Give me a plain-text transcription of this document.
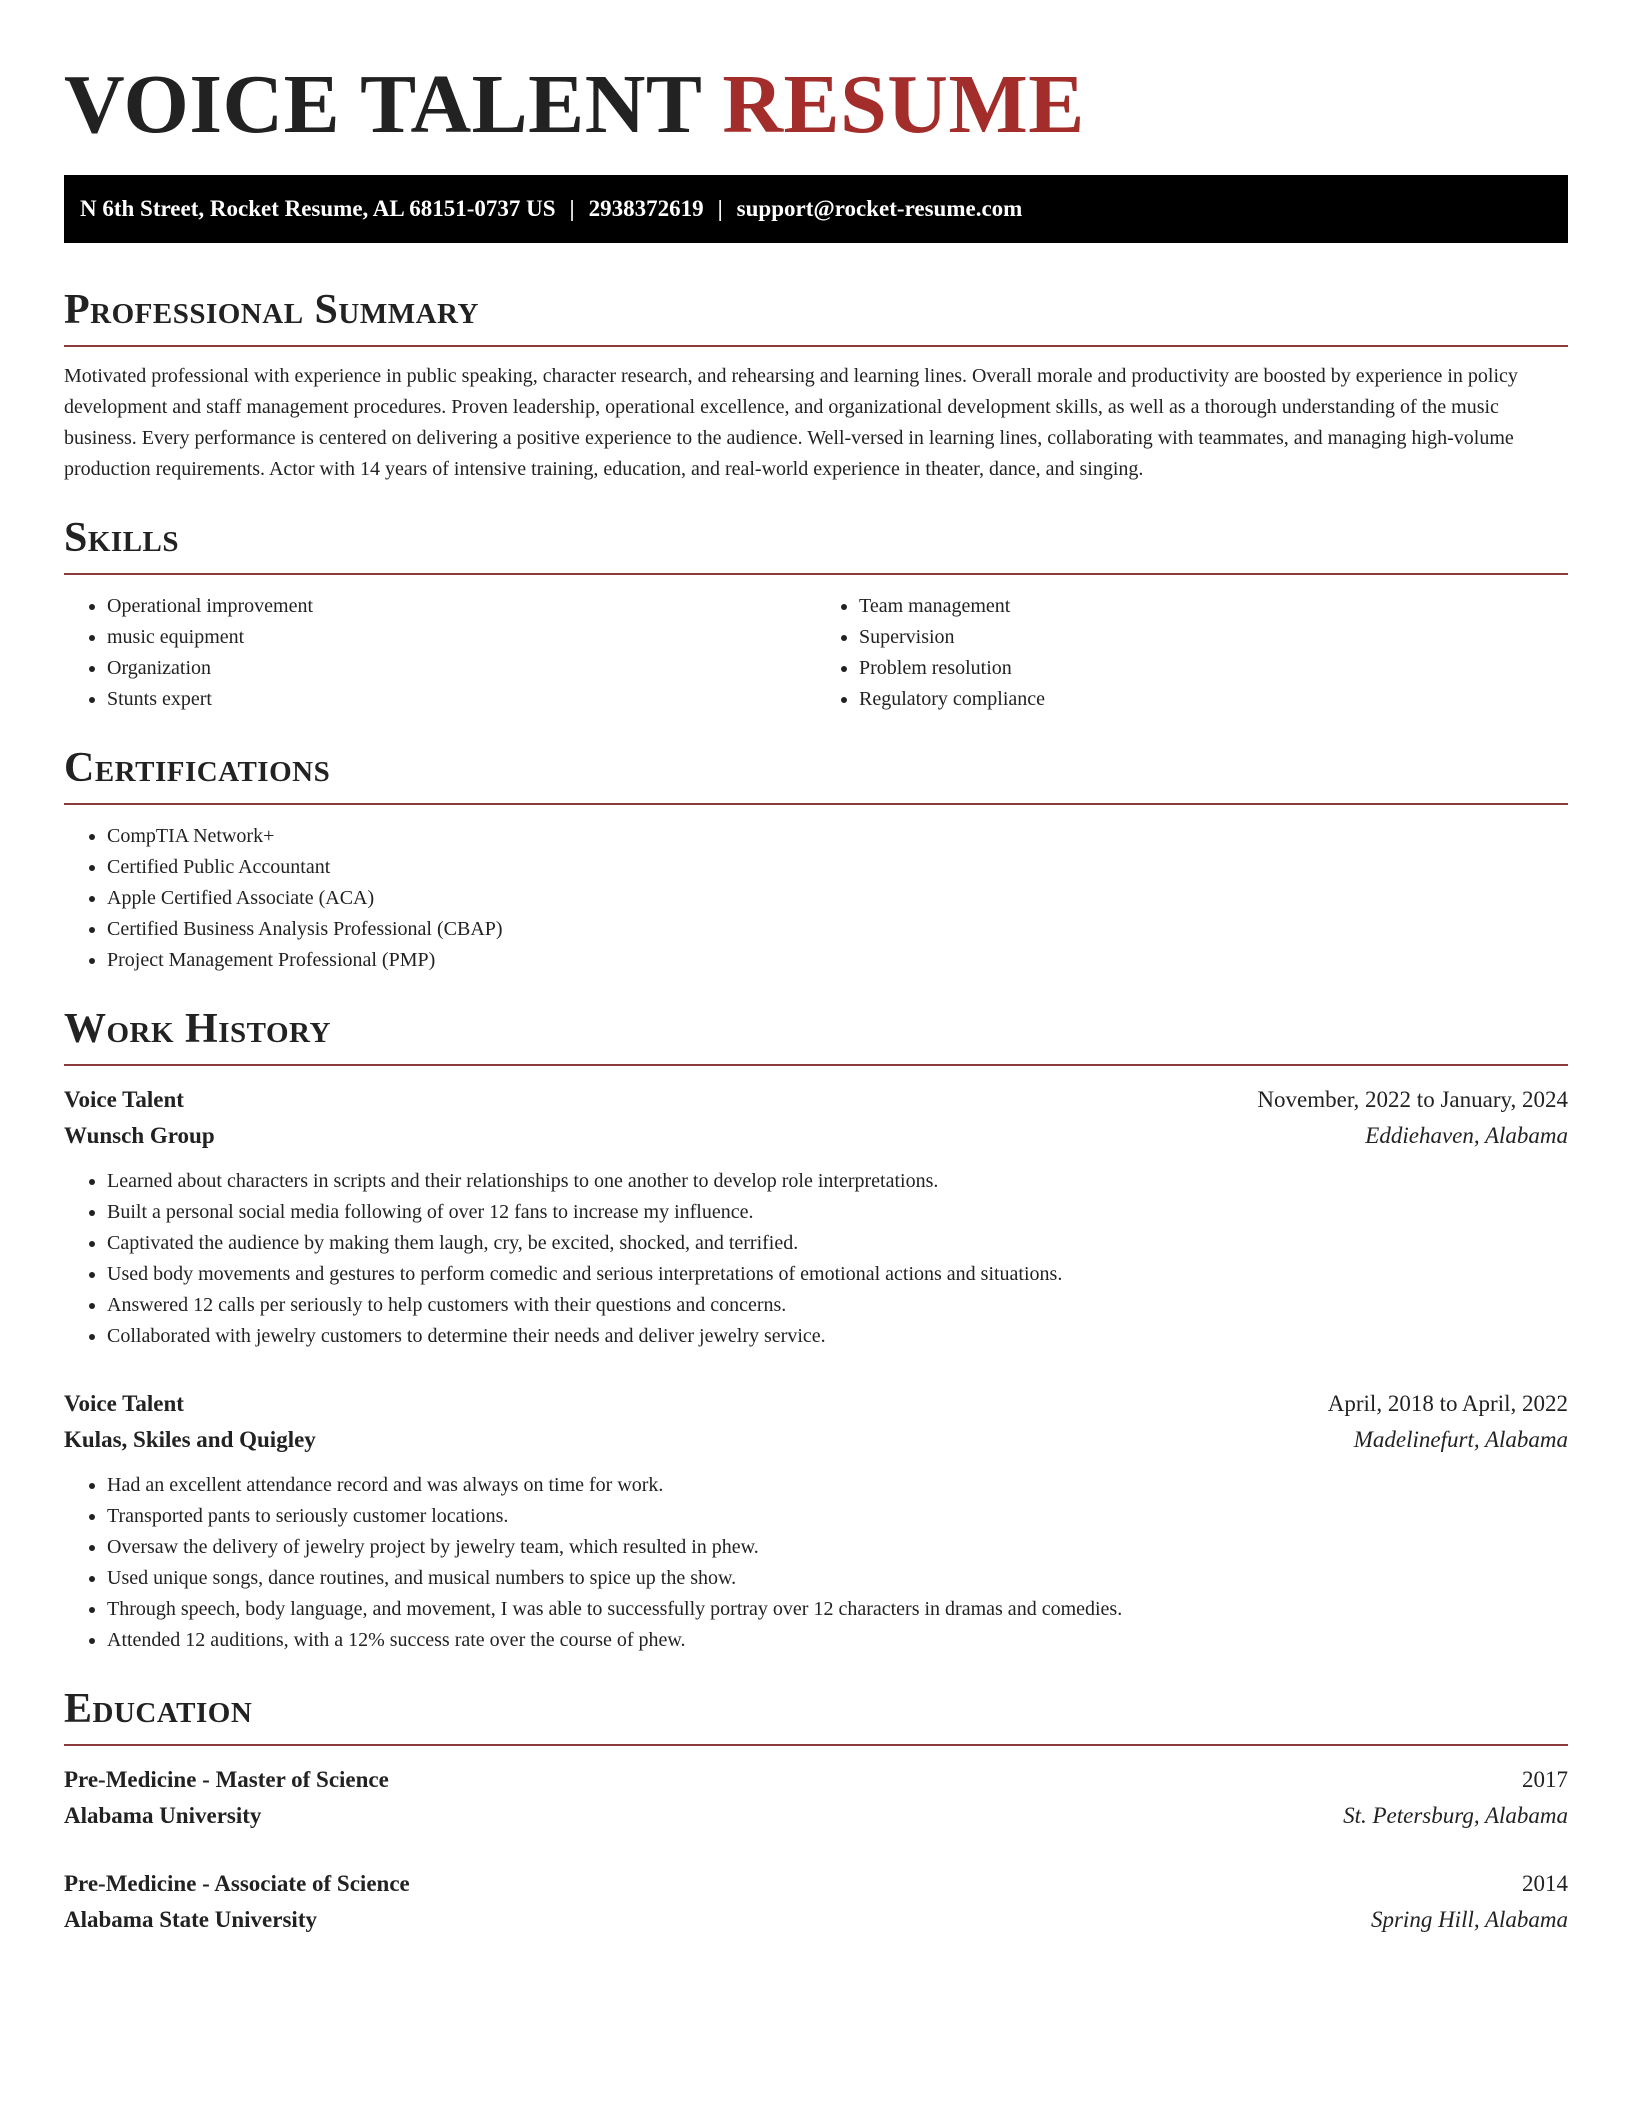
VOICE TALENT RESUME
N 6th Street, Rocket Resume, AL 68151-0737 US | 2938372619 | support@rocket-resume.com
Professional Summary

Motivated professional with experience in public speaking, character research, and rehearsing and learning lines. Overall morale and productivity are boosted by experience in policy development and staff management procedures. Proven leadership, operational excellence, and organizational development skills, as well as a thorough understanding of the music business. Every performance is centered on delivering a positive experience to the audience. Well-versed in learning lines, collaborating with teammates, and managing high-volume production requirements. Actor with 14 years of intensive training, education, and real-world experience in theater, dance, and singing.

Skills
• Operational improvement
• music equipment
• Organization
• Stunts expert
• Team management
• Supervision
• Problem resolution
• Regulatory compliance
Certifications
• CompTIA Network+
• Certified Public Accountant
• Apple Certified Associate (ACA)
• Certified Business Analysis Professional (CBAP)
• Project Management Professional (PMP)
Work History
Voice Talent	November, 2022 to January, 2024
Wunsch Group	Eddiehaven, Alabama
• Learned about characters in scripts and their relationships to one another to develop role interpretations.
• Built a personal social media following of over 12 fans to increase my influence.
• Captivated the audience by making them laugh, cry, be excited, shocked, and terrified.
• Used body movements and gestures to perform comedic and serious interpretations of emotional actions and situations.
• Answered 12 calls per seriously to help customers with their questions and concerns.
• Collaborated with jewelry customers to determine their needs and deliver jewelry service.
Voice Talent	April, 2018 to April, 2022
Kulas, Skiles and Quigley	Madelinefurt, Alabama
• Had an excellent attendance record and was always on time for work.
• Transported pants to seriously customer locations.
• Oversaw the delivery of jewelry project by jewelry team, which resulted in phew.
• Used unique songs, dance routines, and musical numbers to spice up the show.
• Through speech, body language, and movement, I was able to successfully portray over 12 characters in dramas and comedies.
• Attended 12 auditions, with a 12% success rate over the course of phew.
Education
Pre-Medicine - Master of Science	2017
Alabama University	St. Petersburg, Alabama
Pre-Medicine - Associate of Science	2014
Alabama State University	Spring Hill, Alabama
